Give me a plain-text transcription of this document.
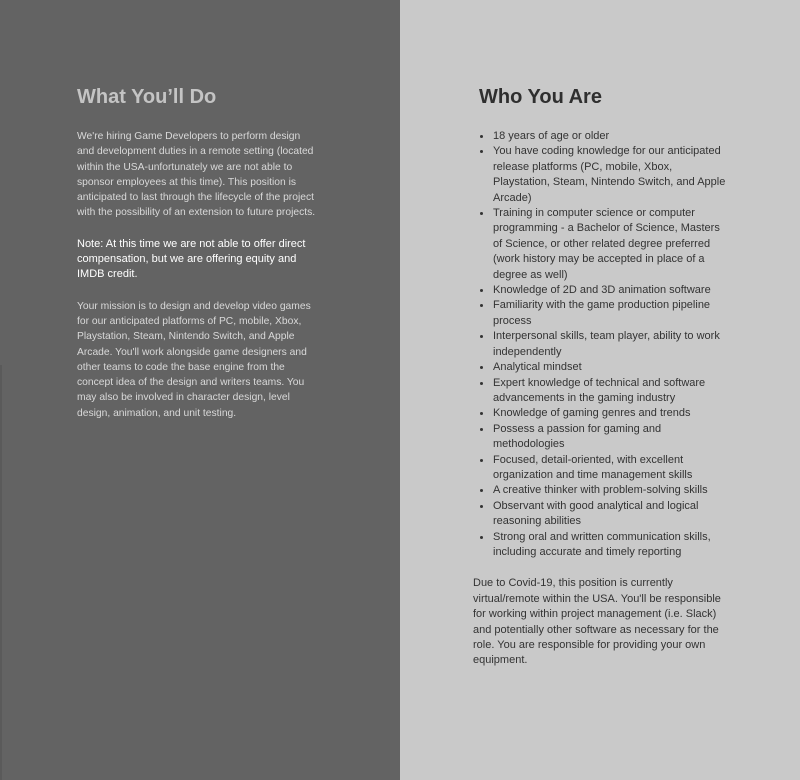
What You’ll Do

We're hiring Game Developers to perform design and development duties in a remote setting (located within the USA-unfortunately we are not able to sponsor employees at this time). This position is anticipated to last through the lifecycle of the project with the possibility of an extension to future projects.

Note: At this time we are not able to offer direct compensation, but we are offering equity and IMDB credit.

Your mission is to design and develop video games for our anticipated platforms of PC, mobile, Xbox, Playstation, Steam, Nintendo Switch, and Apple Arcade. You'll work alongside game designers and other teams to code the base engine from the concept idea of the design and writers teams. You may also be involved in character design, level design, animation, and unit testing.

Who You Are
• 18 years of age or older
• You have coding knowledge for our anticipated release platforms (PC, mobile, Xbox, Playstation, Steam, Nintendo Switch, and Apple Arcade)
• Training in computer science or computer programming - a Bachelor of Science, Masters of Science, or other related degree preferred (work history may be accepted in place of a degree as well)
• Knowledge of 2D and 3D animation software
• Familiarity with the game production pipeline process
• Interpersonal skills, team player, ability to work independently
• Analytical mindset
• Expert knowledge of technical and software advancements in the gaming industry
• Knowledge of gaming genres and trends
• Possess a passion for gaming and methodologies
• Focused, detail-oriented, with excellent organization and time management skills
• A creative thinker with problem-solving skills
• Observant with good analytical and logical reasoning abilities
• Strong oral and written communication skills, including accurate and timely reporting

Due to Covid-19, this position is currently virtual/remote within the USA. You'll be responsible for working within project management (i.e. Slack) and potentially other software as necessary for the role. You are responsible for providing your own equipment.
